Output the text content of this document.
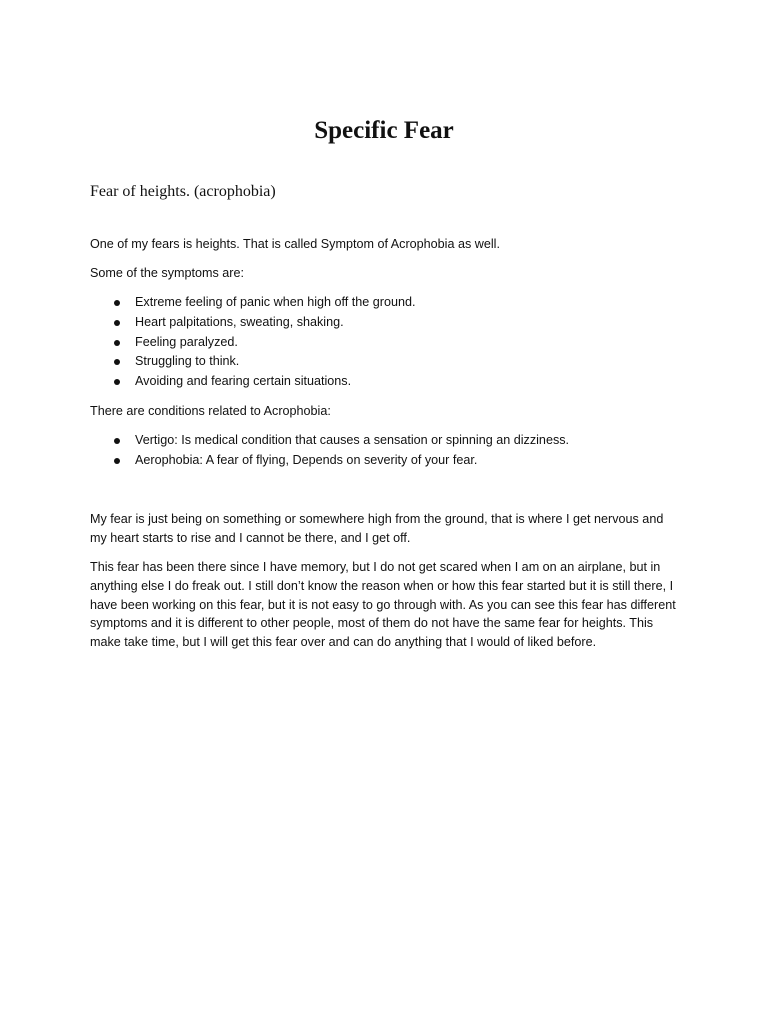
Specific Fear
Fear of heights. (acrophobia)

One of my fears is heights. That is called Symptom of Acrophobia as well.

Some of the symptoms are:

Extreme feeling of panic when high off the ground.
Heart palpitations, sweating, shaking.
Feeling paralyzed.
Struggling to think.
Avoiding and fearing certain situations.

There are conditions related to Acrophobia:

Vertigo: Is medical condition that causes a sensation or spinning an dizziness.
Aerophobia: A fear of flying, Depends on severity of your fear.

My fear is just being on something or somewhere high from the ground, that is where I get nervous and my heart starts to rise and I cannot be there, and I get off.

This fear has been there since I have memory, but I do not get scared when I am on an airplane, but in anything else I do freak out. I still don’t know the reason when or how this fear started but it is still there, I have been working on this fear, but it is not easy to go through with. As you can see this fear has different symptoms and it is different to other people, most of them do not have the same fear for heights. This make take time, but I will get this fear over and can do anything that I would of liked before.
